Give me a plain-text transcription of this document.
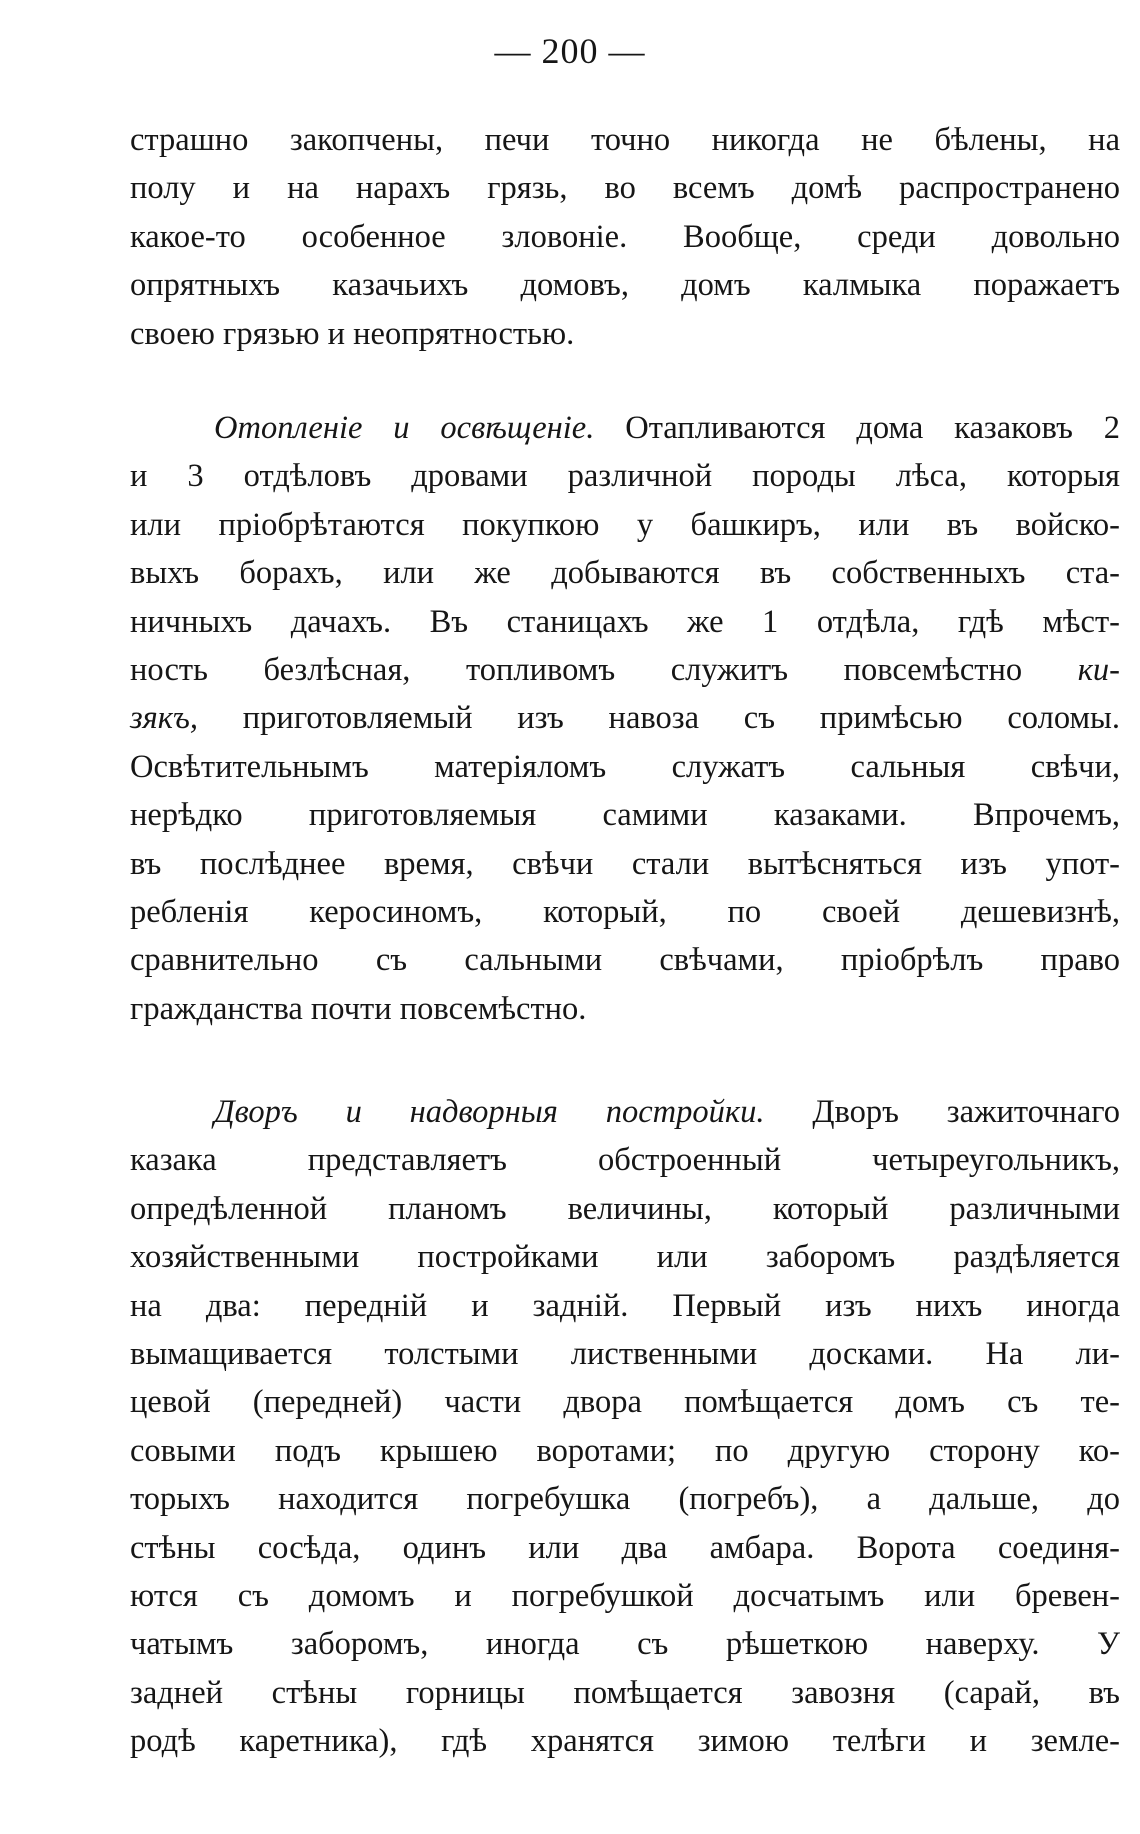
— 200 —
страшно закопчены, печи точно никогда не бѣлены, на
полу и на нарахъ грязь, во всемъ домѣ распространено
какое-то особенное зловоніе. Вообще, среди довольно
опрятныхъ казачьихъ домовъ, домъ калмыка поражаетъ
своею грязью и неопрятностью.
Отопленіе и освѣщеніе. Отапливаются дома казаковъ 2
и 3 отдѣловъ дровами различной породы лѣса, которыя
или пріобрѣтаются покупкою у башкиръ, или въ войско-
выхъ борахъ, или же добываются въ собственныхъ ста-
ничныхъ дачахъ. Въ станицахъ же 1 отдѣла, гдѣ мѣст-
ность безлѣсная, топливомъ служитъ повсемѣстно ки-
зякъ, приготовляемый изъ навоза съ примѣсью соломы.
Освѣтительнымъ матеріяломъ служатъ сальныя свѣчи,
нерѣдко приготовляемыя самими казаками. Впрочемъ,
въ послѣднее время, свѣчи стали вытѣсняться изъ упот-
ребленія керосиномъ, который, по своей дешевизнѣ,
сравнительно съ сальными свѣчами, пріобрѣлъ право
гражданства почти повсемѣстно.
Дворъ и надворныя постройки. Дворъ зажиточнаго
казака представляетъ обстроенный четыреугольникъ,
опредѣленной планомъ величины, который различными
хозяйственными постройками или заборомъ раздѣляется
на два: передній и задній. Первый изъ нихъ иногда
вымащивается толстыми лиственными досками. На ли-
цевой (передней) части двора помѣщается домъ съ те-
совыми подъ крышею воротами; по другую сторону ко-
торыхъ находится погребушка (погребъ), а дальше, до
стѣны сосѣда, одинъ или два амбара. Ворота соединя-
ются съ домомъ и погребушкой досчатымъ или бревен-
чатымъ заборомъ, иногда съ рѣшеткою наверху. У
задней стѣны горницы помѣщается завозня (сарай, въ
родѣ каретника), гдѣ хранятся зимою телѣги и земле-
